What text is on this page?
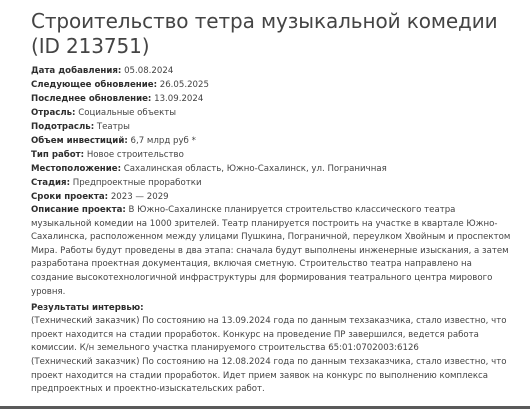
Строительство тетра музыкальной комедии (ID 213751)
Дата добавления: 05.08.2024
Следующее обновление: 26.05.2025
Последнее обновление: 13.09.2024
Отрасль: Социальные объекты
Подотрасль: Театры
Объем инвестиций: 6,7 млрд руб *
Тип работ: Новое строительство
Местоположение: Сахалинская область, Южно-Сахалинск, ул. Пограничная
Стадия: Предпроектные проработки
Сроки проекта: 2023 — 2029
Описание проекта: В Южно-Сахалинске планируется строительство классического театра музыкальной комедии на 1000 зрителей. Театр планируется построить на участке в квартале Южно-Сахалинска, расположенном между улицами Пушкина, Пограничной, переулком Хвойным и проспектом Мира. Работы будут проведены в два этапа: сначала будут выполнены инженерные изыскания, а затем разработана проектная документация, включая сметную. Строительство театра направлено на создание высокотехнологичной инфраструктуры для формирования театрального центра мирового уровня.
Результаты интервью:
(Технический заказчик) По состоянию на 13.09.2024 года по данным техзаказчика, стало известно, что проект находится на стадии проработок. Конкурс на проведение ПР завершился, ведется работа комиссии. К/н земельного участка планируемого строительства 65:01:0702003:6126
(Технический заказчик) По состоянию на 12.08.2024 года по данным техзаказчика, стало известно, что проект находится на стадии проработок. Идет прием заявок на конкурс по выполнению комплекса предпроектных и проектно-изыскательских работ.
